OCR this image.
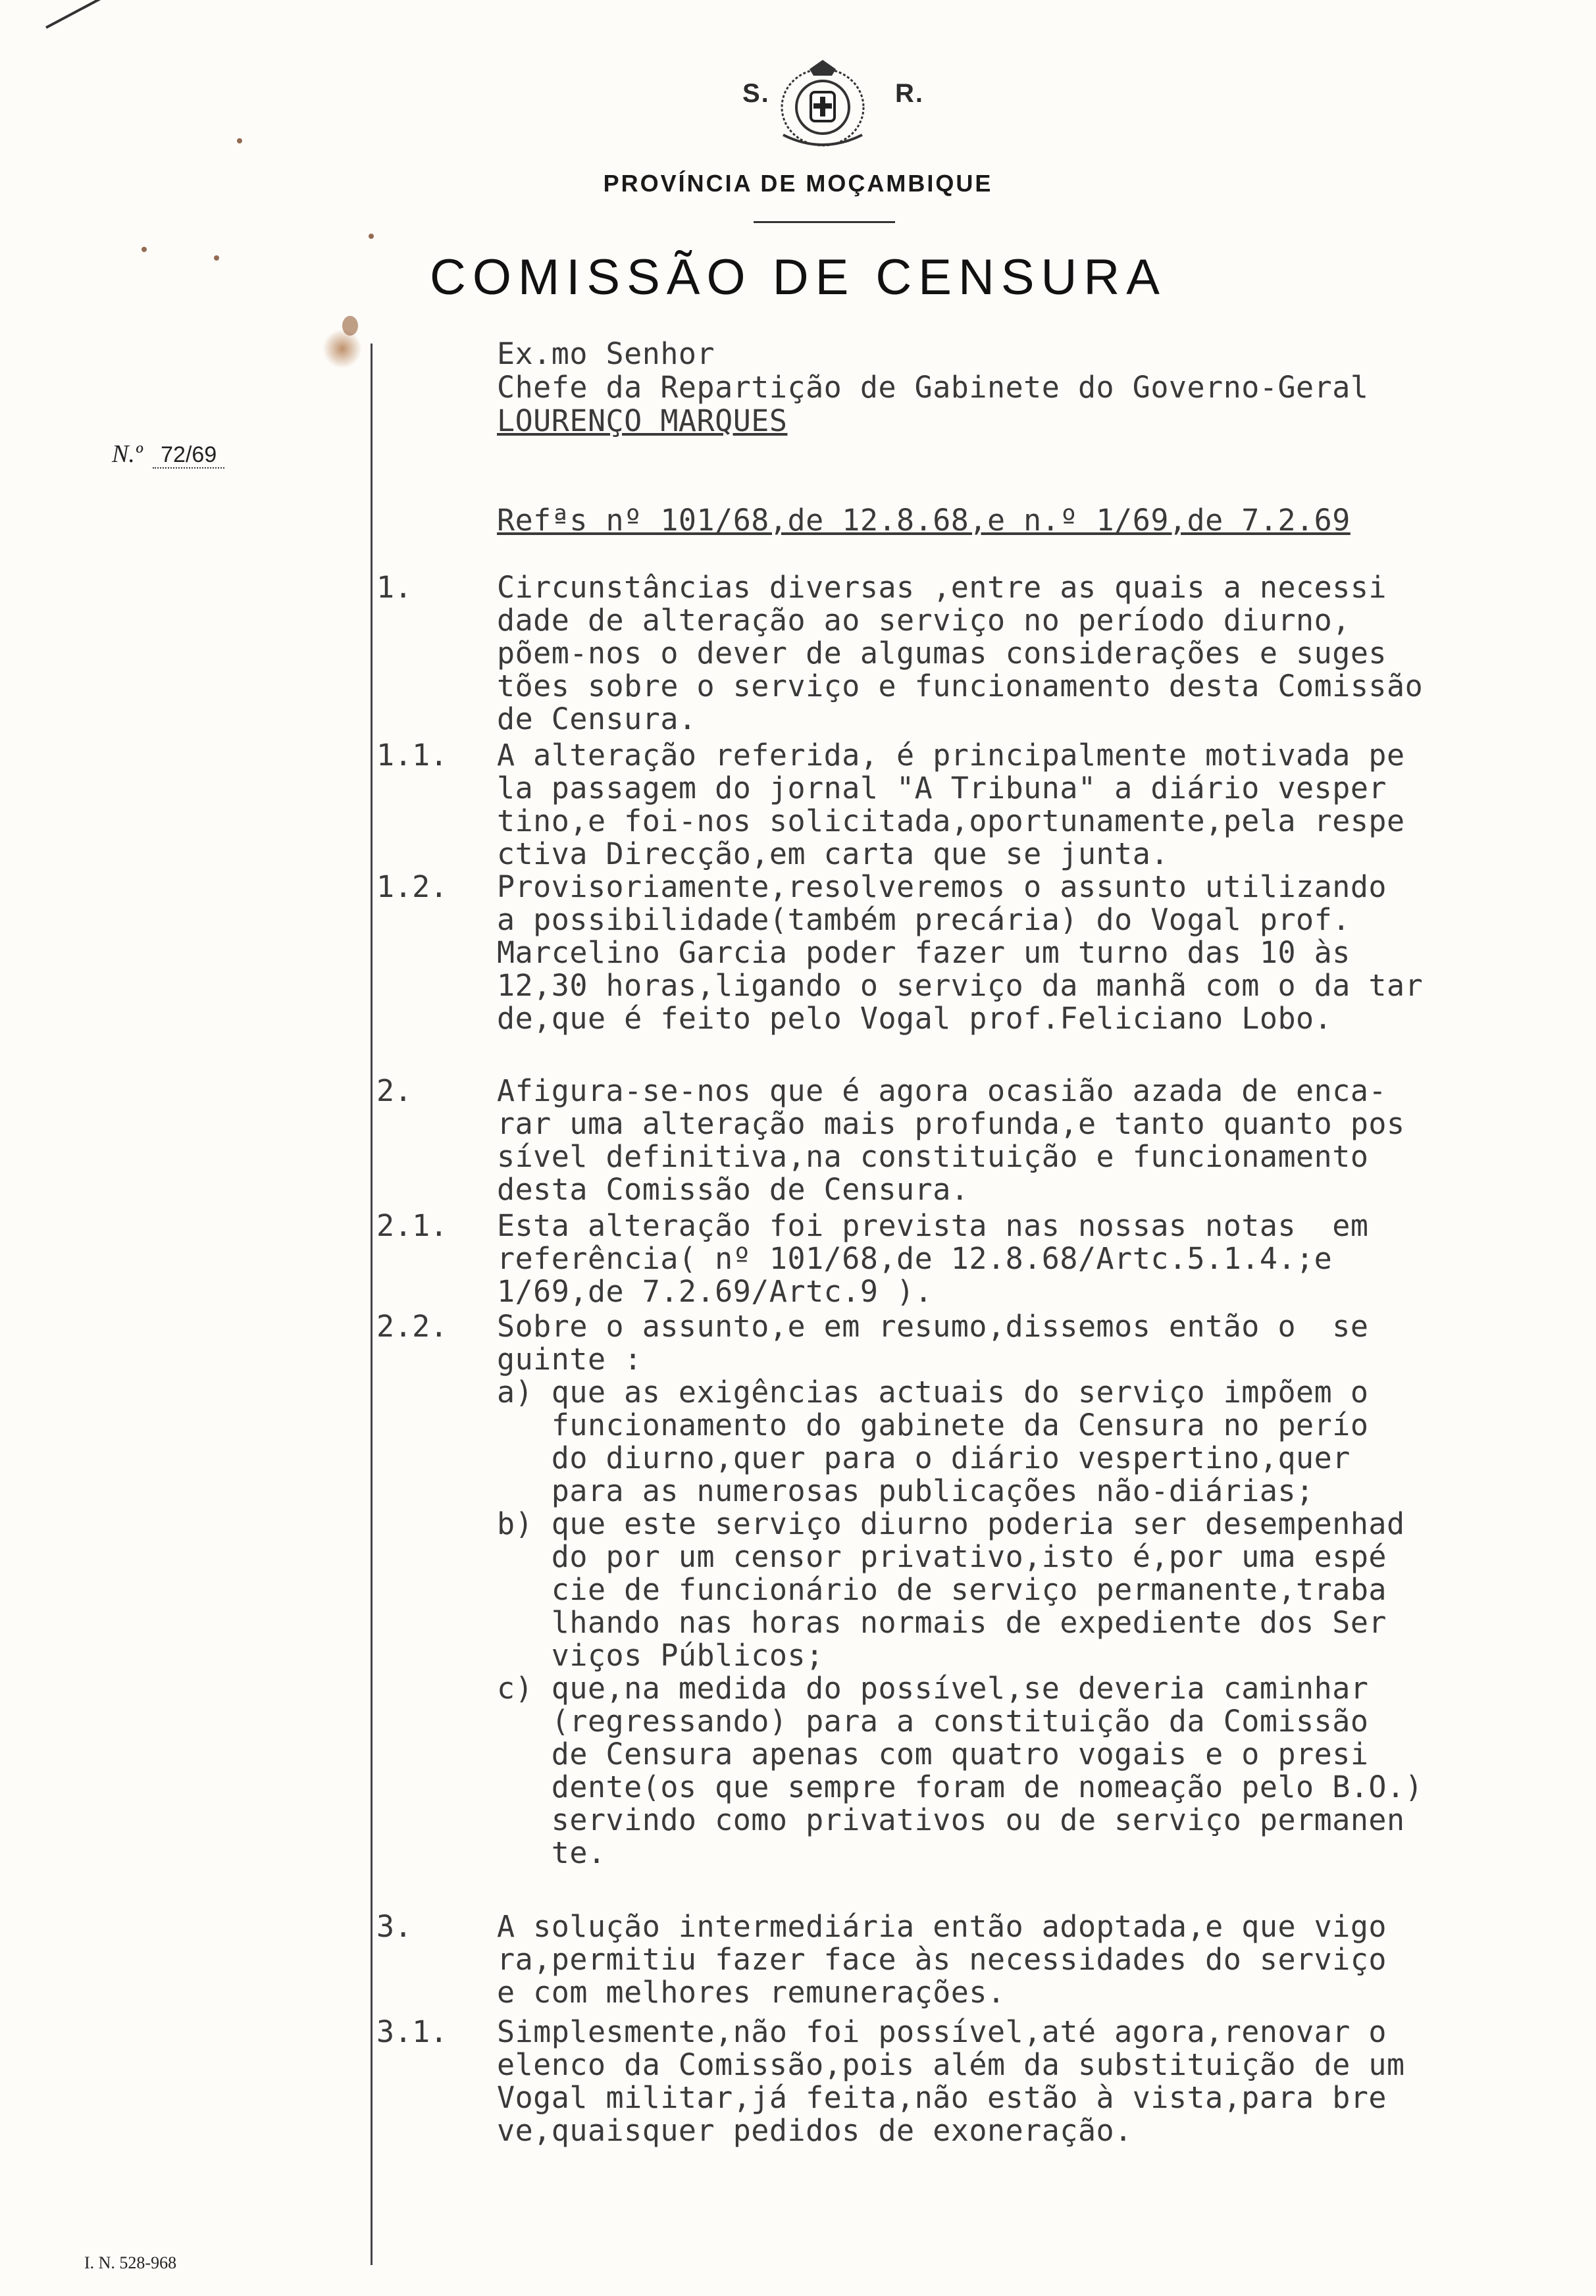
S.	R.
PROVÍNCIA DE MOÇAMBIQUE
COMISSÃO DE CENSURA
N.º 72/69
Ex.mo Senhor
Chefe da Repartição de Gabinete do Governo-Geral
LOURENÇO MARQUES
Refªs nº 101/68,de 12.8.68,e n.º 1/69,de 7.2.69
1.	Circunstâncias diversas ,entre as quais a necessi
dade de alteração ao serviço no período diurno,
põem-nos o dever de algumas considerações e suges
tões sobre o serviço e funcionamento desta Comissão
de Censura.
1.1. A alteração referida, é principalmente motivada pe
la passagem do jornal "A Tribuna" a diário vesper
tino,e foi-nos solicitada,oportunamente,pela respe
ctiva Direcção,em carta que se junta.
1.2. Provisoriamente,resolveremos o assunto utilizando
a possibilidade(também precária) do Vogal prof.
Marcelino Garcia poder fazer um turno das 10 às
12,30 horas,ligando o serviço da manhã com o da tar
de,que é feito pelo Vogal prof.Feliciano Lobo.
2.	Afigura-se-nos que é agora ocasião azada de enca-
rar uma alteração mais profunda,e tanto quanto pos
sível definitiva,na constituição e funcionamento
desta Comissão de Censura.
2.1. Esta alteração foi prevista nas nossas notas  em
referência( nº 101/68,de 12.8.68/Artc.5.1.4.;e
1/69,de 7.2.69/Artc.9 ).
2.2. Sobre o assunto,e em resumo,dissemos então o  se
guinte :
a) que as exigências actuais do serviço impõem o
funcionamento do gabinete da Censura no perío
do diurno,quer para o diário vespertino,quer
para as numerosas publicações não-diárias;
b) que este serviço diurno poderia ser desempenhad
do por um censor privativo,isto é,por uma espé
cie de funcionário de serviço permanente,traba
lhando nas horas normais de expediente dos Ser
viços Públicos;
c) que,na medida do possível,se deveria caminhar
(regressando) para a constituição da Comissão
de Censura apenas com quatro vogais e o presi
dente(os que sempre foram de nomeação pelo B.O.)
servindo como privativos ou de serviço permanen
te.
3.	A solução intermediária então adoptada,e que vigo
ra,permitiu fazer face às necessidades do serviço
e com melhores remunerações.
3.1. Simplesmente,não foi possível,até agora,renovar o
elenco da Comissão,pois além da substituição de um
Vogal militar,já feita,não estão à vista,para bre
ve,quaisquer pedidos de exoneração.
I. N. 528-968
